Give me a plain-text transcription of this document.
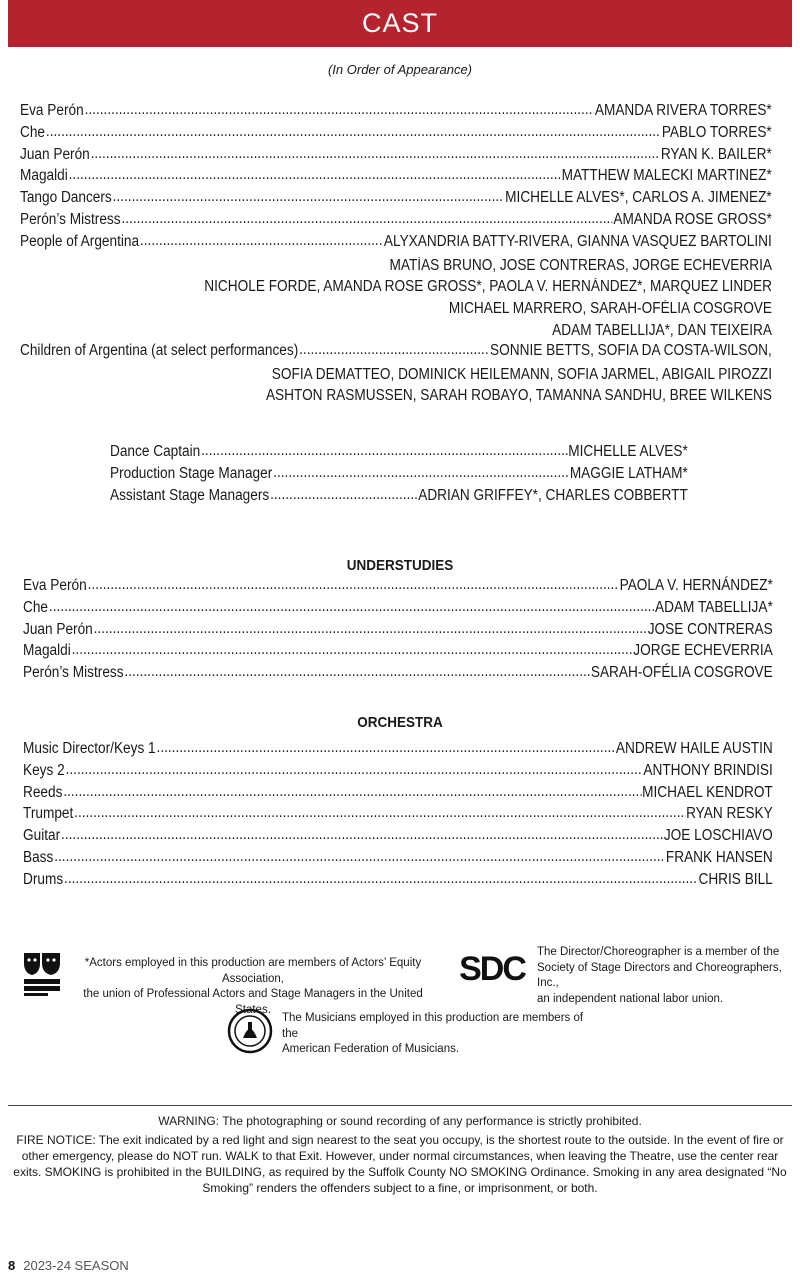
CAST
(In Order of Appearance)
Eva Perón .....	AMANDA RIVERA TORRES*
Che .....	PABLO TORRES*
Juan Perón .....	RYAN K. BAILER*
Magaldi .....	MATTHEW MALECKI MARTINEZ*
Tango Dancers .....	MICHELLE ALVES*, CARLOS A. JIMENEZ*
Perón’s Mistress .....	AMANDA ROSE GROSS*
People of Argentina .....	ALYXANDRIA BATTY-RIVERA, GIANNA VASQUEZ BARTOLINI
MATÍAS BRUNO, JOSE CONTRERAS, JORGE ECHEVERRIA
NICHOLE FORDE, AMANDA ROSE GROSS*, PAOLA V. HERNÁNDEZ*, MARQUEZ LINDER
MICHAEL MARRERO, SARAH-OFÉLIA COSGROVE
ADAM TABELLIJA*, DAN TEIXEIRA
Children of Argentina (at select performances) .....	SONNIE BETTS, SOFIA DA COSTA-WILSON,
SOFIA DEMATTEO, DOMINICK HEILEMANN, SOFIA JARMEL, ABIGAIL PIROZZI
ASHTON RASMUSSEN, SARAH ROBAYO, TAMANNA SANDHU, BREE WILKENS
Dance Captain .....	MICHELLE ALVES*
Production Stage Manager .....	MAGGIE LATHAM*
Assistant Stage Managers .....	ADRIAN GRIFFEY*, CHARLES COBBERTT
UNDERSTUDIES
Eva Perón .....	PAOLA V. HERNÁNDEZ*
Che .....	ADAM TABELLIJA*
Juan Perón .....	JOSE CONTRERAS
Magaldi .....	JORGE ECHEVERRIA
Perón’s Mistress .....	SARAH-OFÉLIA COSGROVE
ORCHESTRA
Music Director/Keys 1 .....	ANDREW HAILE AUSTIN
Keys 2 .....	ANTHONY BRINDISI
Reeds .....	MICHAEL KENDROT
Trumpet .....	RYAN RESKY
Guitar .....	JOE LOSCHIAVO
Bass .....	FRANK HANSEN
Drums .....	CHRIS BILL
*Actors employed in this production are members of Actors’ Equity Association,
the union of Professional Actors and Stage Managers in the United States.
SDC The Director/Choreographer is a member of the
Society of Stage Directors and Choreographers, Inc.,
an independent national labor union.
The Musicians employed in this production are members of the
American Federation of Musicians.
WARNING: The photographing or sound recording of any performance is strictly prohibited.
FIRE NOTICE: The exit indicated by a red light and sign nearest to the seat you occupy, is the shortest route to the outside. In the event of fire or other emergency, please do NOT run. WALK to that Exit. However, under normal circumstances, when leaving the Theatre, use the center rear exits. SMOKING is prohibited in the BUILDING, as required by the Suffolk County NO SMOKING Ordinance. Smoking in any area designated “No Smoking” renders the offenders subject to a fine, or imprisonment, or both.
8 2023-24 SEASON
